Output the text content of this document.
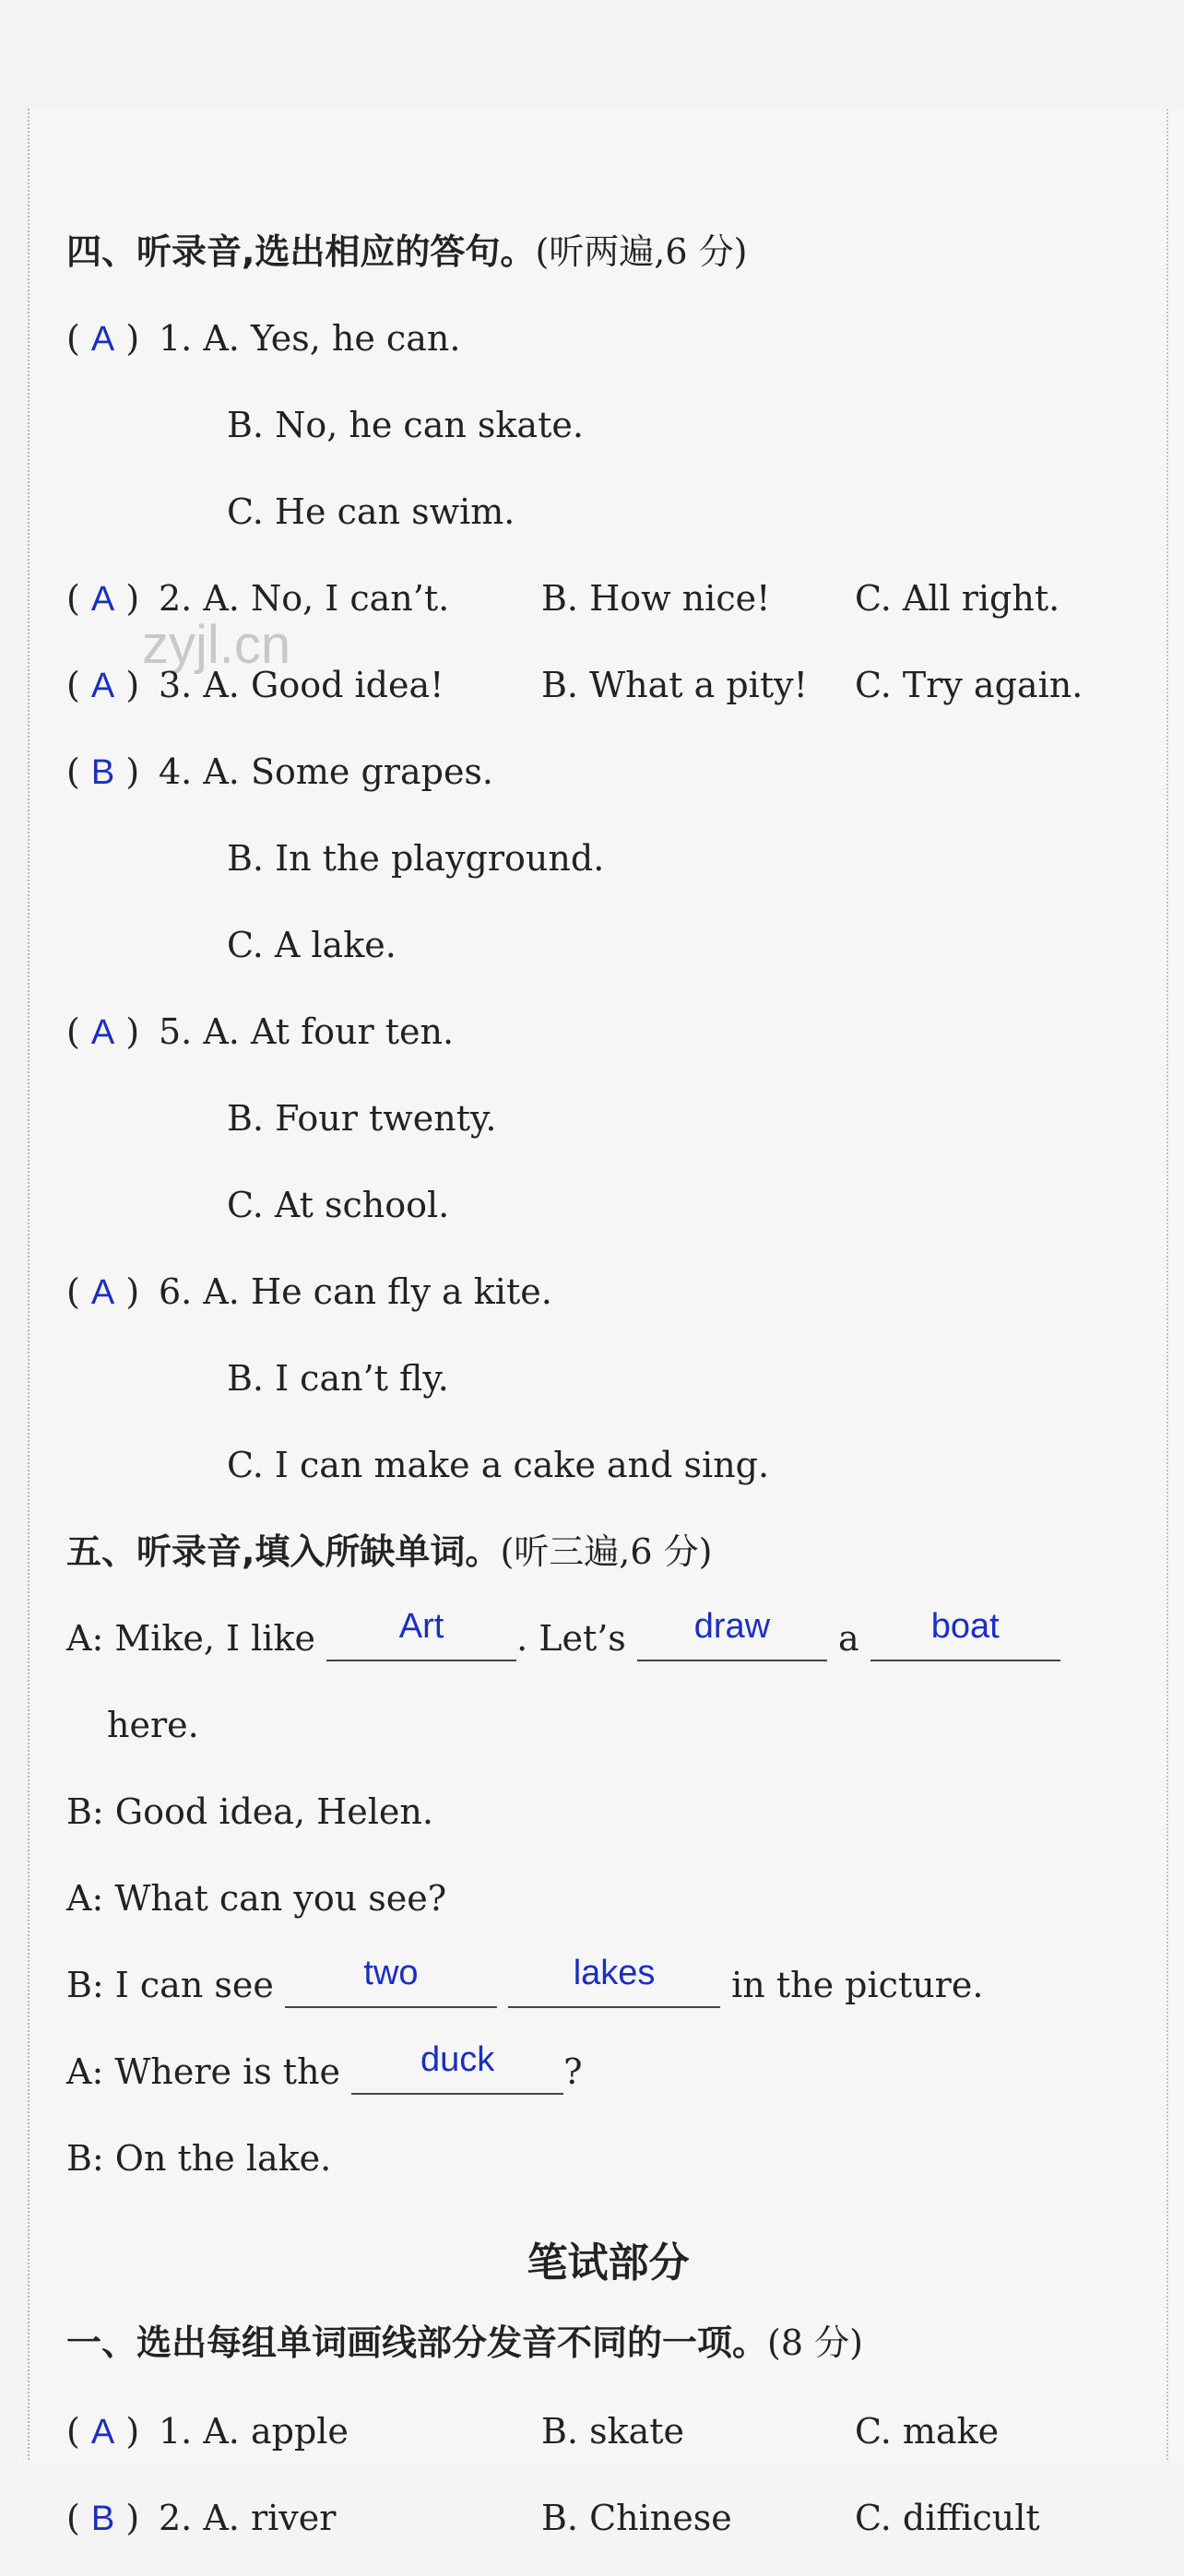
zyjl.cn
四、听录音,选出相应的答句。(听两遍,6 分)
( A ) 1. A. Yes, he can.
B. No, he can skate.
C. He can swim.
( A ) 2. A. No, I can’t.	B. How nice! C. All right.
( A ) 3. A. Good idea!	B. What a pity! C. Try again.
( B ) 4. A. Some grapes.
B. In the playground.
C. A lake.
( A ) 5. A. At four ten.
B. Four twenty.
C. At school.
( A ) 6. A. He can fly a kite.
B. I can’t fly.
C. I can make a cake and sing.
五、听录音,填入所缺单词。(听三遍,6 分)
A: Mike, I like Art . Let’s draw a boat
here.
B: Good idea, Helen.
A: What can you see?
B: I can see	two	lakes in the picture.
A: Where is the duck ?
B: On the lake.
笔试部分
一、选出每组单词画线部分发音不同的一项。(8 分)
( A ) 1. A. apple	B. skate	C. make
( B ) 2. A. river	B. Chinese	C. difficult
